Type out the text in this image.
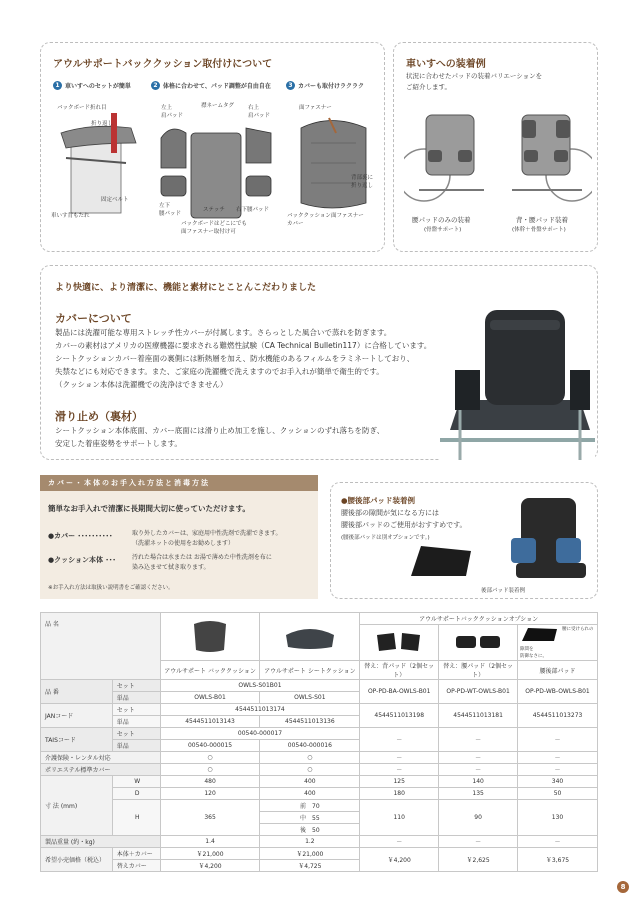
アウルサポートバッククッション取付けについて
1 車いすへのセットが簡単	2 体格に合わせて、パッド調整が自由自在	3 カバーも取付けラクラク
バックボード折れ目
折り返し
固定ベルト
車いす背もたれ
左上
肩パッド
襟ネームタグ	右上
肩パッド
左下
腰パッド
ステッチ 右下腰パッド
バックボードはどこにでも
面ファスナー取付け可
面ファスナー
背部裏に
折り返し
バッククッション
カバー
面ファスナー
車いすへの装着例
状況に合わせたパッドの装着バリエーションを
ご紹介します。
腰パッドのみの装着
(骨盤サポート)
背・腰パッド装着
(体幹＋骨盤サポート)
より快適に、より清潔に、機能と素材にとことんこだわりました
カバーについて
製品には洗濯可能な専用ストレッチ性カバーが付属します。さらっとした風合いで蒸れを防ぎます。
カバーの素材はアメリカの医療機器に要求される難燃性試験（CA Technical Bulletin117）に合格しています。
シートクッションカバー着座面の裏側には断熱層を加え、防水機能のあるフィルムをラミネートしており、
失禁などにも対応できます。また、ご家庭の洗濯機で洗えますのでお手入れが簡単で衛生的です。
（クッション本体は洗濯機での洗浄はできません）
滑り止め（裏材）
シートクッション本体底面、カバー底面には滑り止め加工を施し、クッションのずれ落ちを防ぎ、
安定した着座姿勢をサポートします。
カバー・本体のお手入れ方法と消毒方法
簡単なお手入れで清潔に長期間大切に使っていただけます。
●カバー ･･････････	取り外したカバーは、家庭用中性洗剤で洗濯できます。
（洗濯ネットの使用をお勧めします）
●クッション本体 ･･･	汚れた場合は水または お湯で薄めた中性洗剤を布に
染み込ませて拭き取ります。
※お手入れ方法は取扱い説明書をご確認ください。
●腰後部パッド装着例
腰後部の隙間が気になる方には
腰後部パッドのご使用がおすすめです。
(腰後部パッドは別オプションです。)
後部パッド装着例
品 名				アウルサポートバッククッションオプション		
		$^{腰に受けられの 隙間を 防御なさに。}$
		アウルサポート バッククッション	アウルサポート シートクッション	替え：背パッド（2個セット）	替え：腰パッド（2個セット）	腰後部パッド
品 番	セット	OWLS-S01B01		OP-PD-BA-OWLS-B01	OP-PD-WT-OWLS-B01	OP-PD-WB-OWLS-B01
	単品	OWLS-B01	OWLS-S01			
JANコード	セット	4544511013174		4544511013198	4544511013181	4544511013273
	単品	4544511013143	4544511013136			
TAISコード	セット	00540-000017		－	－	－
	単品	00540-000015	00540-000016			
介護保険・レンタル対応		○	○	－	－	－
ポリエステル標準カバー		○	○	－	－	－
寸 法 (mm)	W	480	400	125	140	340
	D	120	400	180	135	50
	H	365	前　70	110	90	130
			中　55			
			後　50			
製品重量 (約・kg)		1.4	1.2	－	－	－
希望小売価格（税込）	本体＋カバー	￥21,000	￥21,000	￥4,200	￥2,625	￥3,675
	替えカバー	￥4,200	￥4,725			
8
